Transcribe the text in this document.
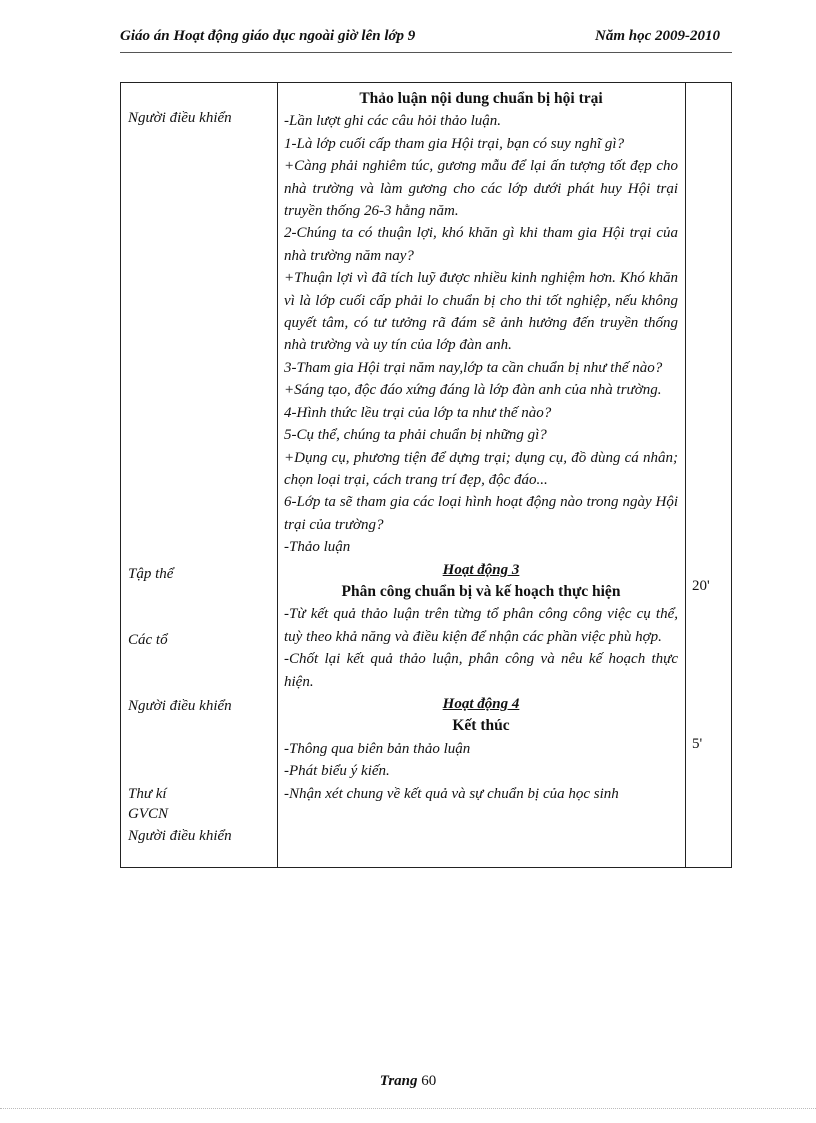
Giáo án Hoạt động giáo dục ngoài giờ lên lớp 9	Năm học 2009-2010
Người điều khiển
Tập thể
Các tổ
Người điều khiển
Thư kí
GVCN
Người điều khiển

Thảo luận nội dung chuẩn bị hội trại

-Lần lượt ghi các câu hỏi thảo luận.

1-Là lớp cuối cấp tham gia Hội trại, bạn có suy nghĩ gì?

+Càng phải nghiêm túc, gương mẫu để lại ấn tượng tốt đẹp cho nhà trường và làm gương cho các lớp dưới phát huy Hội trại truyền thống 26-3 hằng năm.

2-Chúng ta có thuận lợi, khó khăn gì khi tham gia Hội trại của nhà trường năm nay?

+Thuận lợi vì đã tích luỹ được nhiều kinh nghiệm hơn. Khó khăn vì là lớp cuối cấp phải lo chuẩn bị cho thi tốt nghiệp, nếu không quyết tâm, có tư tưởng rã đám sẽ ảnh hưởng đến truyền thống nhà trường và uy tín của lớp đàn anh.

3-Tham gia Hội trại năm nay,lớp ta cần chuẩn bị như thế nào?

+Sáng tạo, độc đáo xứng đáng là lớp đàn anh của nhà trường.

4-Hình thức lều trại của lớp ta như thế nào?

5-Cụ thể, chúng ta phải chuẩn bị những gì?

+Dụng cụ, phương tiện để dựng trại; dụng cụ, đồ dùng cá nhân; chọn loại trại, cách trang trí đẹp, độc đáo...

6-Lớp ta sẽ tham gia các loại hình hoạt động nào trong ngày Hội trại của trường?

-Thảo luận

Hoạt động 3

Phân công chuẩn bị và kế hoạch thực hiện

-Từ kết quả thảo luận trên từng tổ phân công công việc cụ thể, tuỳ theo khả năng và điều kiện để nhận các phần việc phù hợp.

-Chốt lại kết quả thảo luận, phân công và nêu kế hoạch thực hiện.

Hoạt động 4

Kết thúc

-Thông qua biên bản thảo luận

-Phát biểu ý kiến.

-Nhận xét chung về kết quả và sự chuẩn bị của học sinh

20'
5'
Trang 60
